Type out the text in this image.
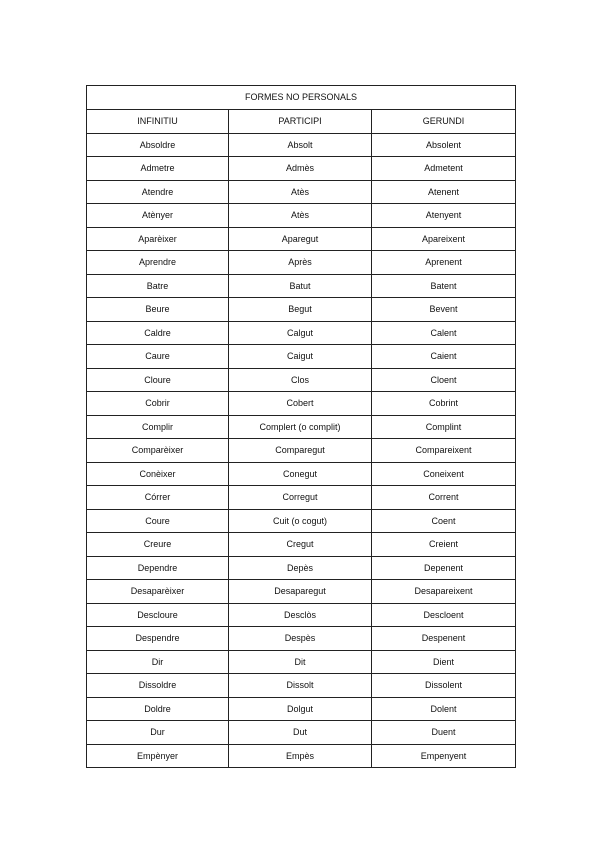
FORMES NO PERSONALS		
INFINITIU	PARTICIPI	GERUNDI
Absoldre	Absolt	Absolent
Admetre	Admès	Admetent
Atendre	Atès	Atenent
Atènyer	Atès	Atenyent
Aparèixer	Aparegut	Apareixent
Aprendre	Après	Aprenent
Batre	Batut	Batent
Beure	Begut	Bevent
Caldre	Calgut	Calent
Caure	Caigut	Caient
Cloure	Clos	Cloent
Cobrir	Cobert	Cobrint
Complir	Complert (o complit)	Complint
Comparèixer	Comparegut	Compareixent
Conèixer	Conegut	Coneixent
Córrer	Corregut	Corrent
Coure	Cuit (o cogut)	Coent
Creure	Cregut	Creient
Dependre	Depès	Depenent
Desaparèixer	Desaparegut	Desapareixent
Descloure	Desclòs	Descloent
Despendre	Despès	Despenent
Dir	Dit	Dient
Dissoldre	Dissolt	Dissolent
Doldre	Dolgut	Dolent
Dur	Dut	Duent
Empènyer	Empès	Empenyent
